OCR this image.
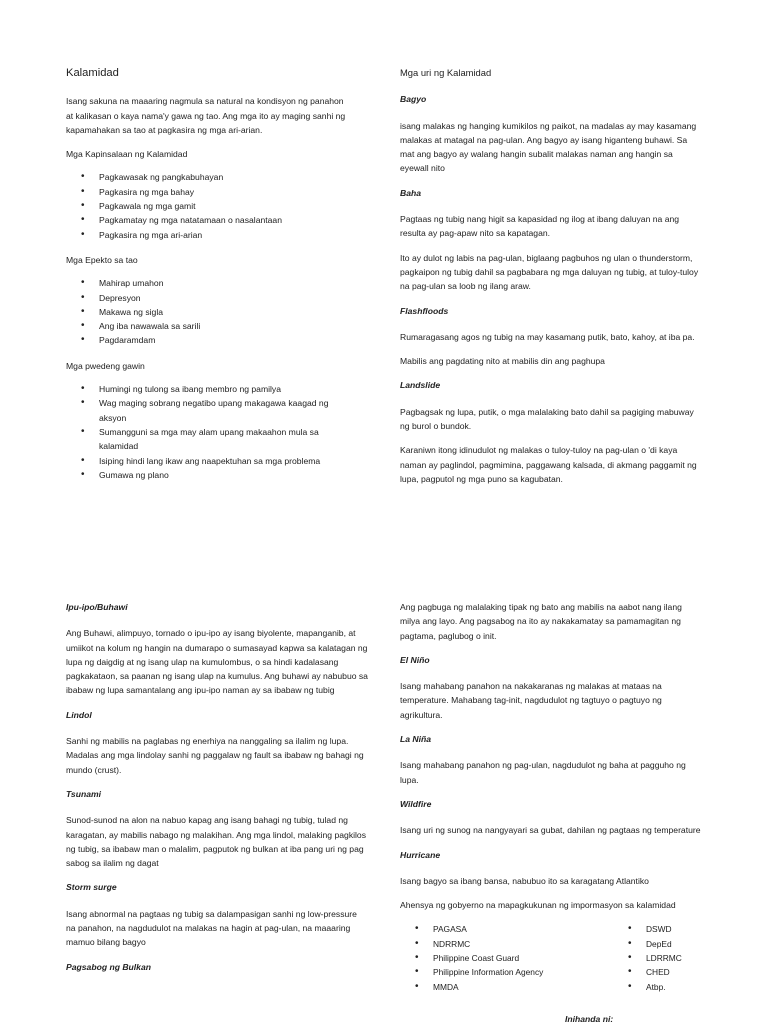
Kalamidad
Isang sakuna na maaaring nagmula sa natural na kondisyon ng panahon at kalikasan o kaya nama'y gawa ng tao. Ang mga ito ay maging sanhi ng kapamahakan sa tao at pagkasira ng mga ari-arian.
Mga Kapinsalaan ng Kalamidad
• Pagkawasak ng pangkabuhayan
• Pagkasira ng mga bahay
• Pagkawala ng mga gamit
• Pagkamatay ng mga natatamaan o nasalantaan
• Pagkasira ng mga ari-arian
Mga Epekto sa tao
• Mahirap umahon
• Depresyon
• Makawa ng sigla
• Ang iba nawawala sa sarili
• Pagdaramdam
Mga pwedeng gawin
• Humingi ng tulong sa ibang membro ng pamilya
• Wag maging sobrang negatibo upang makagawa kaagad ng aksyon
• Sumangguni sa mga may alam upang makaahon mula sa kalamidad
• Isiping hindi lang ikaw ang naapektuhan sa mga problema
• Gumawa ng plano
Mga uri ng Kalamidad
Bagyo
isang malakas ng hanging kumikilos ng paikot, na madalas ay may kasamang malakas at matagal na pag-ulan. Ang bagyo ay isang higanteng buhawi. Sa mat ang bagyo ay walang hangin subalit malakas naman ang hangin sa eyewall nito
Baha
Pagtaas ng tubig nang higit sa kapasidad ng ilog at ibang daluyan na ang resulta ay pag-apaw nito sa kapatagan.
Ito ay dulot ng labis na pag-ulan, biglaang pagbuhos ng ulan o thunderstorm, pagkaipon ng tubig dahil sa pagbabara ng mga daluyan ng tubig, at tuloy-tuloy na pag-ulan sa loob ng ilang araw.
Flashfloods
Rumaragasang agos ng tubig na may kasamang putik, bato, kahoy, at iba pa.
Mabilis ang pagdating nito at mabilis din ang paghupa
Landslide
Pagbagsak ng lupa, putik, o mga malalaking bato dahil sa pagiging mabuway ng burol o bundok.
Karaniwn itong idinudulot ng malakas o tuloy-tuloy na pag-ulan o 'di kaya naman ay paglindol, pagmimina, paggawang kalsada, di akmang paggamit ng lupa, pagputol ng mga puno sa kagubatan.
Ipu-ipo/Buhawi
Ang Buhawi, alimpuyo, tornado o ipu-ipo ay isang biyolente, mapanganib, at umiikot na kolum ng hangin na dumarapo o sumasayad kapwa sa kalatagan ng lupa ng daigdig at ng isang ulap na kumulombus, o sa hindi kadalasang pagkakataon, sa paanan ng isang ulap na kumulus. Ang buhawi ay nabubuo sa ibabaw ng lupa samantalang ang ipu-ipo naman ay sa ibabaw ng tubig
Lindol
Sanhi ng mabilis na paglabas ng enerhiya na nanggaling sa ilalim ng lupa. Madalas ang mga lindolay sanhi ng paggalaw ng fault sa ibabaw ng bahagi ng mundo (crust).
Tsunami
Sunod-sunod na alon na nabuo kapag ang isang bahagi ng tubig, tulad ng karagatan, ay mabilis nabago ng malakihan. Ang mga lindol, malaking pagkilos ng tubig, sa ibabaw man o malalim, pagputok ng bulkan at iba pang uri ng pag sabog sa ilalim ng dagat
Storm surge
Isang abnormal na pagtaas ng tubig sa dalampasigan sanhi ng low-pressure na panahon, na nagdudulot na malakas na hagin at pag-ulan, na maaaring mamuo bilang bagyo
Pagsabog ng Bulkan
Ang pagbuga ng malalaking tipak ng bato ang mabilis na aabot nang ilang milya ang layo. Ang pagsabog na ito ay nakakamatay sa pamamagitan ng pagtama, paglubog o init.
El Niño
Isang mahabang panahon na nakakaranas ng malakas at mataas na temperature. Mahabang tag-init, nagdudulot ng tagtuyo o pagtuyo ng agrikultura.
La Niña
Isang mahabang panahon ng pag-ulan, nagdudulot ng baha at pagguho ng lupa.
Wildfire
Isang uri ng sunog na nangyayari sa gubat, dahilan ng pagtaas ng temperature
Hurricane
Isang bagyo sa ibang bansa, nabubuo ito sa karagatang Atlantiko
Ahensya ng gobyerno na mapagkukunan ng impormasyon sa kalamidad
• PAGASA
• NDRRMC
• Philippine Coast Guard
• Philippine Information Agency
• MMDA
• DSWD
• DepEd
• LDRRMC
• CHED
• Atbp.
Inihanda ni:
